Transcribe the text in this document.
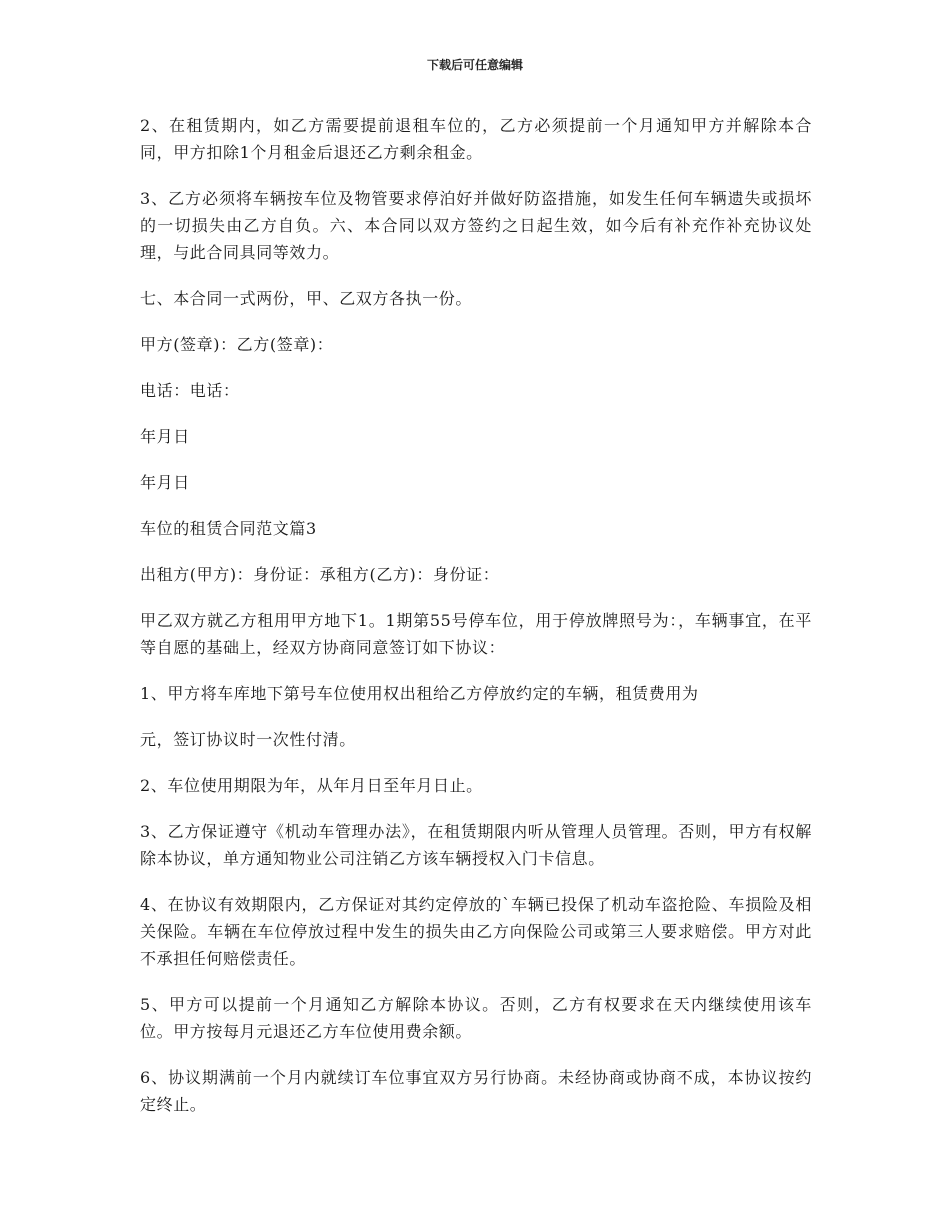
下载后可任意编辑

2、在租赁期内，如乙方需要提前退租车位的，乙方必须提前一个月通知甲方并解除本合同，甲方扣除1个月租金后退还乙方剩余租金。

3、乙方必须将车辆按车位及物管要求停泊好并做好防盗措施，如发生任何车辆遗失或损坏的一切损失由乙方自负。六、本合同以双方签约之日起生效，如今后有补充作补充协议处理，与此合同具同等效力。

七、本合同一式两份，甲、乙双方各执一份。

甲方(签章)：乙方(签章)：

电话：电话：

年月日

年月日

车位的租赁合同范文篇3

出租方(甲方)：身份证：承租方(乙方)：身份证：

甲乙双方就乙方租用甲方地下1。1期第55号停车位，用于停放牌照号为：，车辆事宜，在平等自愿的基础上，经双方协商同意签订如下协议：

1、甲方将车库地下第号车位使用权出租给乙方停放约定的车辆，租赁费用为

元，签订协议时一次性付清。

2、车位使用期限为年，从年月日至年月日止。

3、乙方保证遵守《机动车管理办法》，在租赁期限内听从管理人员管理。否则，甲方有权解除本协议，单方通知物业公司注销乙方该车辆授权入门卡信息。

4、在协议有效期限内，乙方保证对其约定停放的`车辆已投保了机动车盗抢险、车损险及相关保险。车辆在车位停放过程中发生的损失由乙方向保险公司或第三人要求赔偿。甲方对此不承担任何赔偿责任。

5、甲方可以提前一个月通知乙方解除本协议。否则，乙方有权要求在天内继续使用该车位。甲方按每月元退还乙方车位使用费余额。

6、协议期满前一个月内就续订车位事宜双方另行协商。未经协商或协商不成，本协议按约定终止。
